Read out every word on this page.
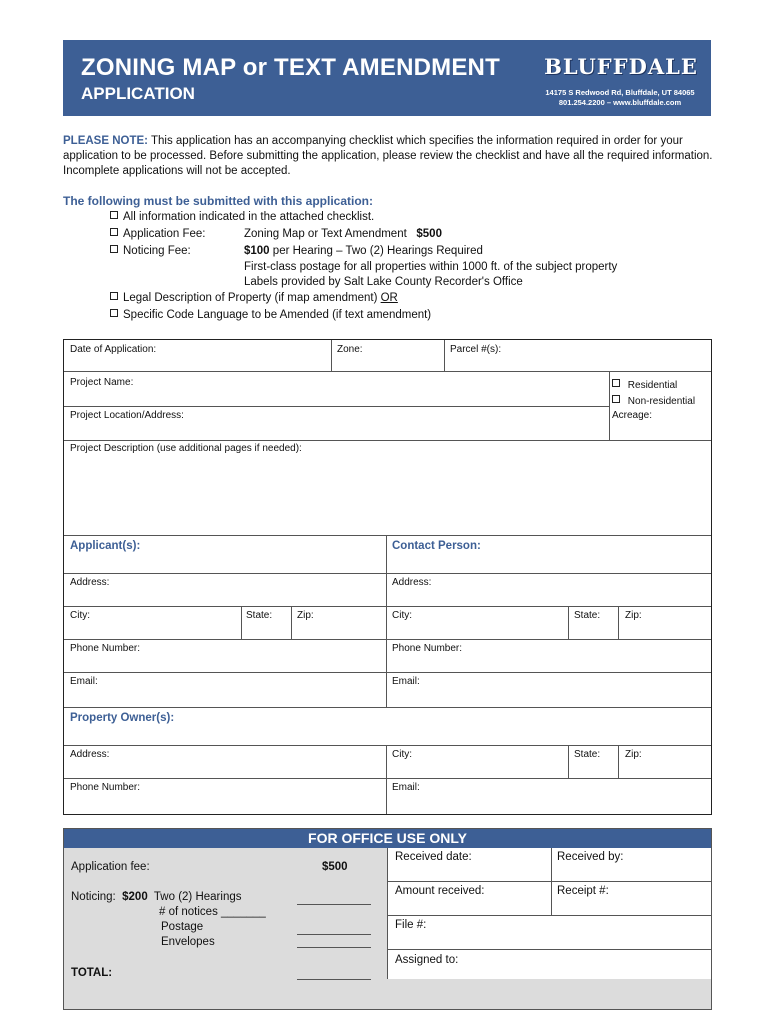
ZONING MAP or TEXT AMENDMENT
APPLICATION
BLUFFDALE
14175 S Redwood Rd, Bluffdale, UT 84065
801.254.2200 – www.bluffdale.com
PLEASE NOTE: This application has an accompanying checklist which specifies the information required in order for your application to be processed. Before submitting the application, please review the checklist and have all the required information. Incomplete applications will not be accepted.
The following must be submitted with this application:
All information indicated in the attached checklist.
Application Fee:	Zoning Map or Text Amendment $500
Noticing Fee:	$100 per Hearing – Two (2) Hearings Required
First-class postage for all properties within 1000 ft. of the subject property
Labels provided by Salt Lake County Recorder's Office
Legal Description of Property (if map amendment) OR
Specific Code Language to be Amended (if text amendment)
Date of Application:	Zone:	Parcel #(s):
Project Name:	Residential
Non-residential
Project Location/Address:	Acreage:
Project Description (use additional pages if needed):
Applicant(s):	Contact Person:
Address:	Address:
City:	State: Zip:	City:	State: Zip:
Phone Number:	Phone Number:
Email:	Email:
Property Owner(s):
Address:	City:	State: Zip:
Phone Number:	Email:
FOR OFFICE USE ONLY
Application fee:	$500
Noticing: $200 Two (2) Hearings
# of notices _______
Postage
Envelopes
TOTAL:
Received date:	Received by:
Amount received:	Receipt #:
File #:
Assigned to:
